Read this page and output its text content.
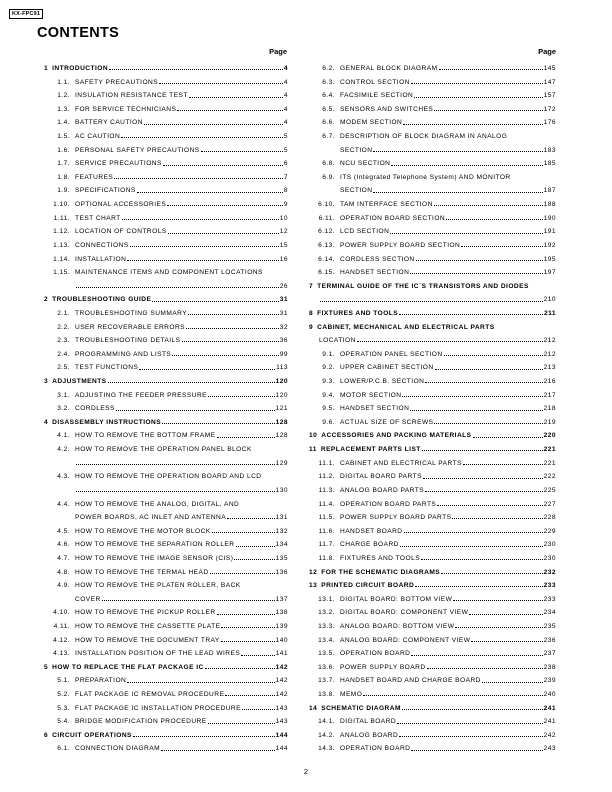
KX-FPC91
CONTENTS
Page	Page
1 INTRODUCTION	4
1.1. SAFETY PRECAUTIONS	4
1.2. INSULATION RESISTANCE TEST	4
1.3. FOR SERVICE TECHNICIANS	4
1.4. BATTERY CAUTION	4
1.5. AC CAUTION	5
1.6. PERSONAL SAFETY PRECAUTIONS	5
1.7. SERVICE PRECAUTIONS	6
1.8. FEATURES	7
1.9. SPECIFICATIONS	8
1.10. OPTIONAL ACCESSORIES	9
1.11. TEST CHART	10
1.12. LOCATION OF CONTROLS	12
1.13. CONNECTIONS	15
1.14. INSTALLATION	16
1.15. MAINTENANCE ITEMS AND COMPONENT LOCATIONS
26
2 TROUBLESHOOTING GUIDE	31
2.1. TROUBLESHOOTING SUMMARY	31
2.2. USER RECOVERABLE ERRORS	32
2.3. TROUBLESHOOTING DETAILS	36
2.4. PROGRAMMING AND LISTS	99
2.5. TEST FUNCTIONS	113
3 ADJUSTMENTS	120
3.1. ADJUSTING THE FEEDER PRESSURE	120
3.2. CORDLESS	121
4 DISASSEMBLY INSTRUCTIONS	128
4.1. HOW TO REMOVE THE BOTTOM FRAME	128
4.2. HOW TO REMOVE THE OPERATION PANEL BLOCK
129
4.3. HOW TO REMOVE THE OPERATION BOARD AND LCD
130
4.4. HOW TO REMOVE THE ANALOG, DIGITAL, AND
POWER BOARDS, AC INLET AND ANTENNA	131
4.5. HOW TO REMOVE THE MOTOR BLOCK	132
4.6. HOW TO REMOVE THE SEPARATION ROLLER	134
4.7. HOW TO REMOVE THE IMAGE SENSOR (CIS)	135
4.8. HOW TO REMOVE THE TERMAL HEAD	136
4.9. HOW TO REMOVE THE PLATEN ROLLER, BACK
COVER	137
4.10. HOW TO REMOVE THE PICKUP ROLLER	138
4.11. HOW TO REMOVE THE CASSETTE PLATE	139
4.12. HOW TO REMOVE THE DOCUMENT TRAY	140
4.13. INSTALLATION POSITION OF THE LEAD WIRES	141
5 HOW TO REPLACE THE FLAT PACKAGE IC	142
5.1. PREPARATION	142
5.2. FLAT PACKAGE IC REMOVAL PROCEDURE	142
5.3. FLAT PACKAGE IC INSTALLATION PROCEDURE	143
5.4. BRIDGE MODIFICATION PROCEDURE	143
6 CIRCUIT OPERATIONS	144
6.1. CONNECTION DIAGRAM	144
6.2. GENERAL BLOCK DIAGRAM	145
6.3. CONTROL SECTION	147
6.4. FACSIMILE SECTION	157
6.5. SENSORS AND SWITCHES	172
6.6. MODEM SECTION	176
6.7. DESCRIPTION OF BLOCK DIAGRAM IN ANALOG
SECTION	183
6.8. NCU SECTION	185
6.9. ITS (Integrated Telephone System) AND MONITOR
SECTION	187
6.10. TAM INTERFACE SECTION	188
6.11. OPERATION BOARD SECTION	190
6.12. LCD SECTION	191
6.13. POWER SUPPLY BOARD SECTION	192
6.14. CORDLESS SECTION	195
6.15. HANDSET SECTION	197
7 TERMINAL GUIDE OF THE IC`S TRANSISTORS AND DIODES
210
8 FIXTURES AND TOOLS	211
9 CABINET, MECHANICAL AND ELECTRICAL PARTS
LOCATION	212
9.1. OPERATION PANEL SECTION	212
9.2. UPPER CABINET SECTION	213
9.3. LOWER/P.C.B. SECTION	216
9.4. MOTOR SECTION	217
9.5. HANDSET SECTION	218
9.6. ACTUAL SIZE OF SCREWS	219
10 ACCESSORIES AND PACKING MATERIALS	220
11 REPLACEMENT PARTS LIST	221
11.1. CABINET AND ELECTRICAL PARTS	221
11.2. DIGITAL BOARD PARTS	222
11.3. ANALOG BOARD PARTS	225
11.4. OPERATION BOARD PARTS	227
11.5. POWER SUPPLY BOARD PARTS	228
11.6. HANDSET BOARD	229
11.7. CHARGE BOARD	230
11.8. FIXTURES AND TOOLS	230
12 FOR THE SCHEMATIC DIAGRAMS	232
13 PRINTED CIRCUIT BOARD	233
13.1. DIGITAL BOARD: BOTTOM VIEW	233
13.2. DIGITAL BOARD: COMPONENT VIEW	234
13.3. ANALOG BOARD: BOTTOM VIEW	235
13.4. ANALOG BOARD: COMPONENT VIEW	236
13.5. OPERATION BOARD	237
13.6. POWER SUPPLY BOARD	238
13.7. HANDSET BOARD AND CHARGE BOARD	239
13.8. MEMO	240
14 SCHEMATIC DIAGRAM	241
14.1. DIGITAL BOARD	241
14.2. ANALOG BOARD	242
14.3. OPERATION BOARD	243
2
